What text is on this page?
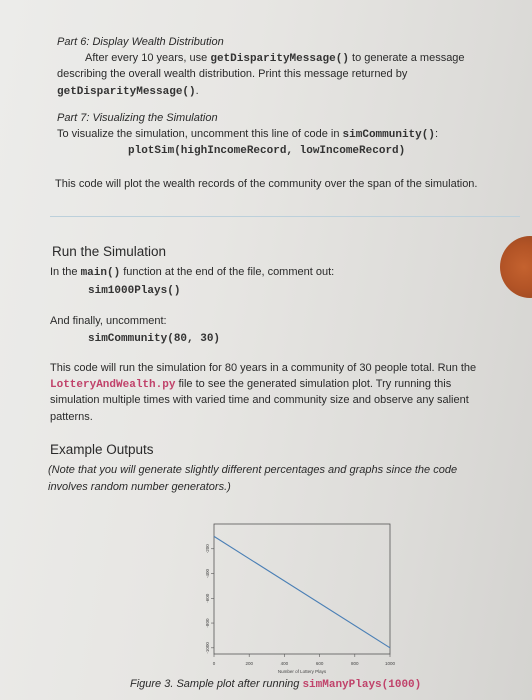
Part 6: Display Wealth Distribution
After every 10 years, use getDisparityMessage() to generate a message
describing the overall wealth distribution. Print this message returned by
getDisparityMessage().
Part 7: Visualizing the Simulation
To visualize the simulation, uncomment this line of code in simCommunity():
plotSim(highIncomeRecord, lowIncomeRecord)
This code will plot the wealth records of the community over the span of the simulation.
Run the Simulation
In the main() function at the end of the file, comment out:
sim1000Plays()
And finally, uncomment:
simCommunity(80, 30)
This code will run the simulation for 80 years in a community of 30 people total. Run the
LotteryAndWealth.py file to see the generated simulation plot. Try running this
simulation multiple times with varied time and community size and observe any salient
patterns.
Example Outputs
(Note that you will generate slightly different percentages and graphs since the code
involves random number generators.)
0	200	400	600	800	1000
-200
-400
-600
-800
-1000
Number of Lottery Plays
Figure 3. Sample plot after running simManyPlays(1000)
